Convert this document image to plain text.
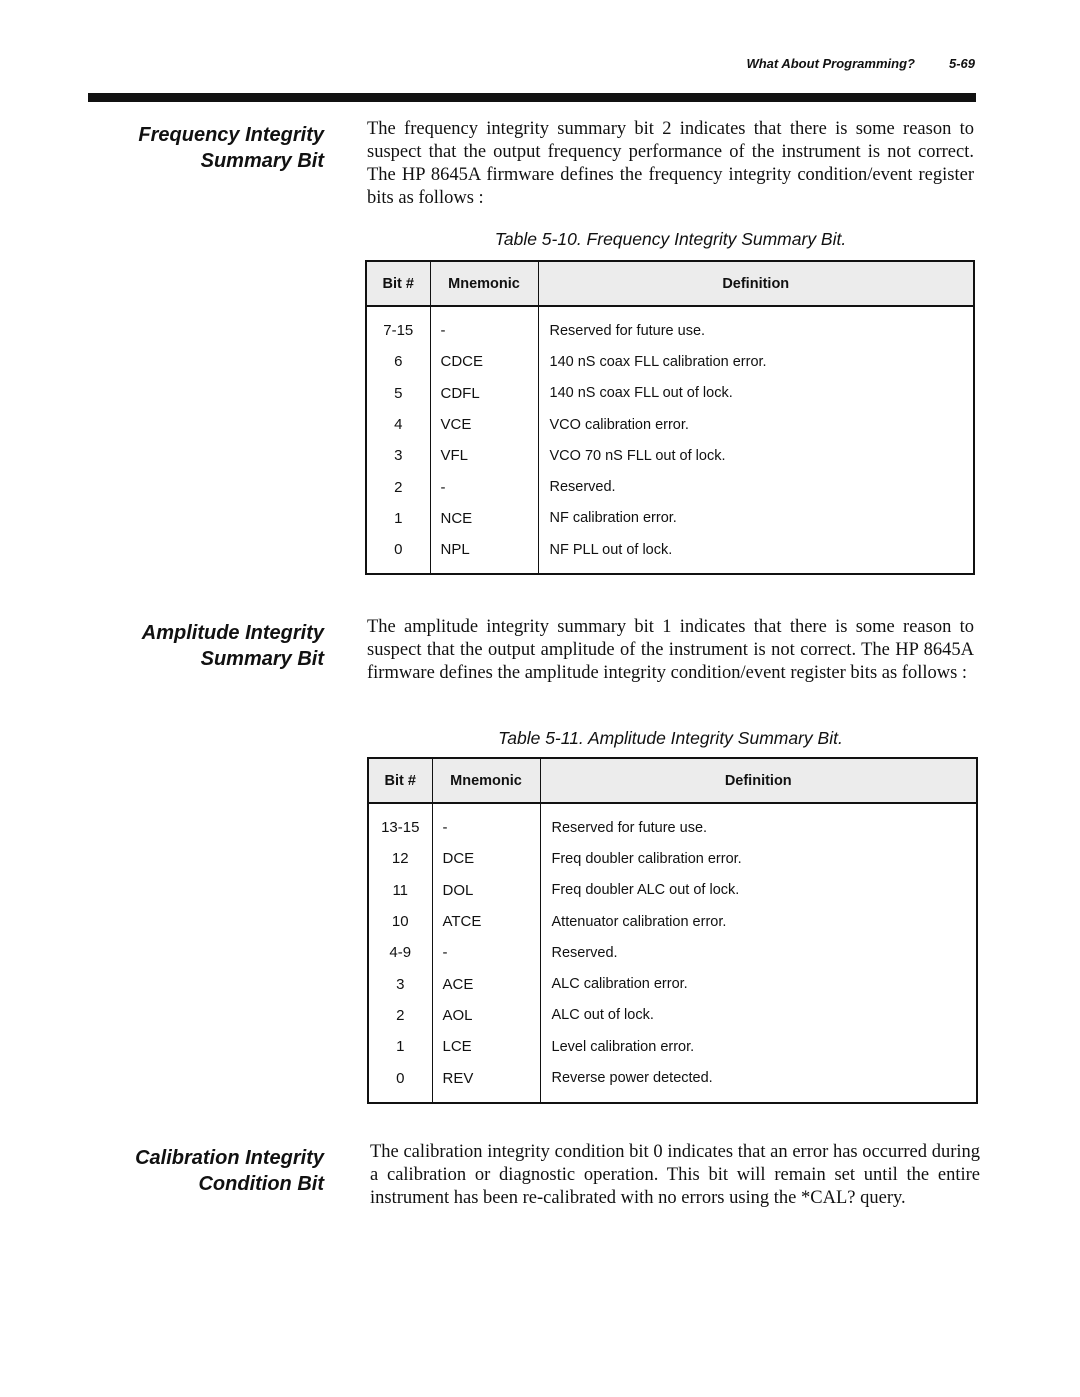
What About Programming?	5-69
Frequency Integrity
Summary Bit
The frequency integrity summary bit 2 indicates that there is some reason to suspect that the output frequency performance of the instrument is not correct. The HP 8645A firmware defines the frequency integrity condition/event register bits as follows :
Table 5-10. Frequency Integrity Summary Bit.
Bit #	Mnemonic	Definition
7-15	-	Reserved for future use.
6	CDCE	140 nS coax FLL calibration error.
5	CDFL	140 nS coax FLL out of lock.
4	VCE	VCO calibration error.
3	VFL	VCO 70 nS FLL out of lock.
2	-	Reserved.
1	NCE	NF calibration error.
0	NPL	NF PLL out of lock.
Amplitude Integrity
Summary Bit
The amplitude integrity summary bit 1 indicates that there is some reason to suspect that the output amplitude of the instrument is not correct. The HP 8645A firmware defines the amplitude integrity condition/event register bits as follows :
Table 5-11. Amplitude Integrity Summary Bit.
Bit #	Mnemonic	Definition
13-15	-	Reserved for future use.
12	DCE	Freq doubler calibration error.
11	DOL	Freq doubler ALC out of lock.
10	ATCE	Attenuator calibration error.
4-9	-	Reserved.
3	ACE	ALC calibration error.
2	AOL	ALC out of lock.
1	LCE	Level calibration error.
0	REV	Reverse power detected.
Calibration Integrity
Condition Bit
The calibration integrity condition bit 0 indicates that an error has occurred during a calibration or diagnostic operation. This bit will remain set until the entire instrument has been re-calibrated with no errors using the *CAL? query.
